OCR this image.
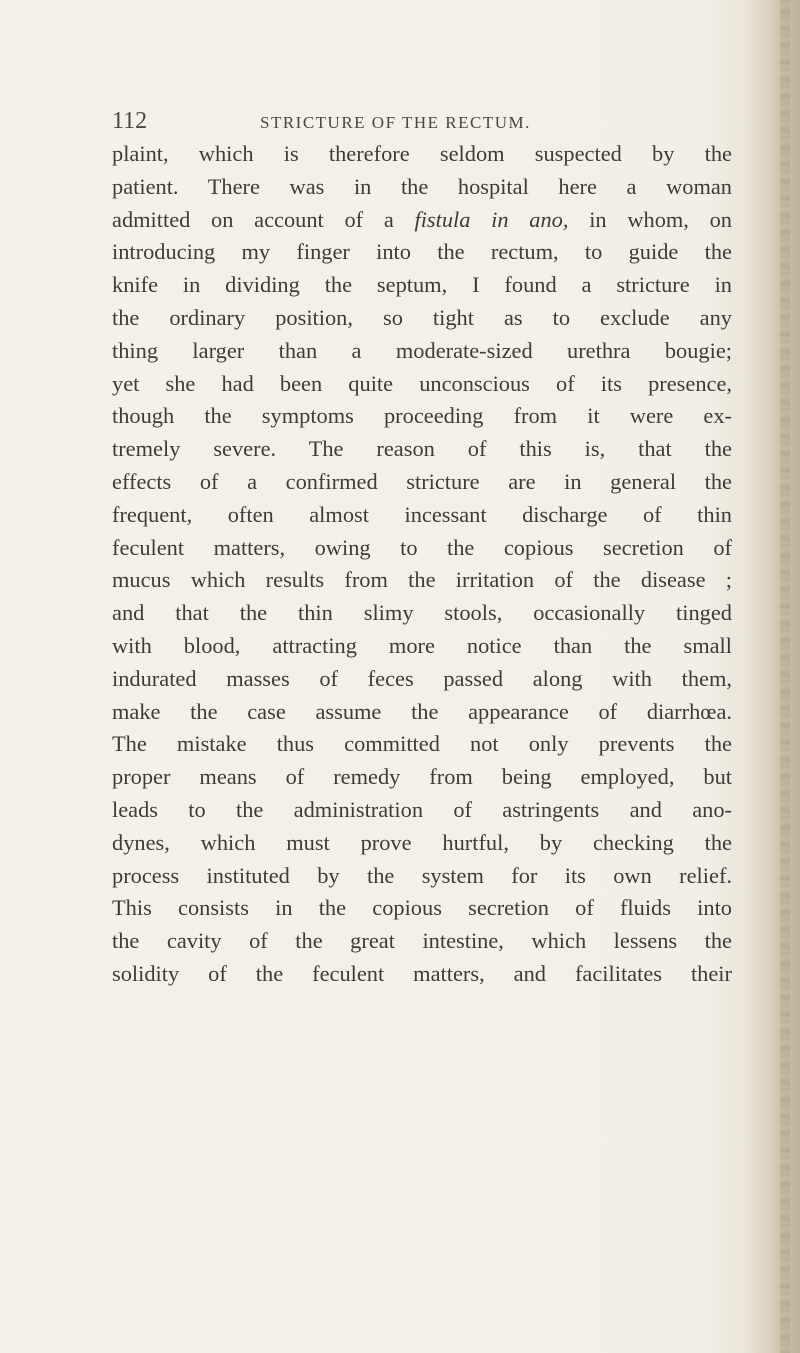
112	STRICTURE OF THE RECTUM.
plaint, which is therefore seldom suspected by the
patient. There was in the hospital here a woman
admitted on account of a fistula in ano, in whom, on
introducing my finger into the rectum, to guide the
knife in dividing the septum, I found a stricture in
the ordinary position, so tight as to exclude any
thing larger than a moderate-sized urethra bougie;
yet she had been quite unconscious of its presence,
though the symptoms proceeding from it were ex-
tremely severe. The reason of this is, that the
effects of a confirmed stricture are in general the
frequent, often almost incessant discharge of thin
feculent matters, owing to the copious secretion of
mucus which results from the irritation of the disease ;
and that the thin slimy stools, occasionally tinged
with blood, attracting more notice than the small
indurated masses of feces passed along with them,
make the case assume the appearance of diarrhœa.
The mistake thus committed not only prevents the
proper means of remedy from being employed, but
leads to the administration of astringents and ano-
dynes, which must prove hurtful, by checking the
process instituted by the system for its own relief.
This consists in the copious secretion of fluids into
the cavity of the great intestine, which lessens the
solidity of the feculent matters, and facilitates their
